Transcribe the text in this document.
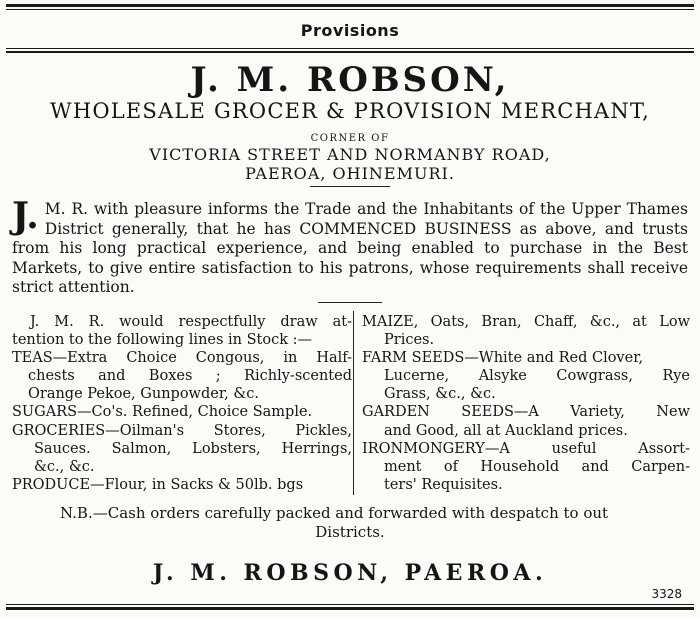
Provisions
J. M. ROBSON,
WHOLESALE GROCER & PROVISION MERCHANT,
CORNER OF
VICTORIA STREET AND NORMANBY ROAD,
PAEROA, OHINEMURI.
J. M. R. with pleasure informs the Trade and the Inhabitants of the Upper Thames District generally, that he has COMMENCED BUSINESS as above, and trusts from his long practical experience, and being enabled to purchase in the Best Markets, to give entire satisfaction to his patrons, whose requirements shall receive strict attention.

J. M. R. would respectfully draw at-

tention to the following lines in Stock :—

TEAS—Extra Choice Congous, in Half-

chests and Boxes ; Richly-scented

Orange Pekoe, Gunpowder, &c.

SUGARS—Co's. Refined, Choice Sample.

GROCERIES—Oilman's Stores, Pickles,

Sauces. Salmon, Lobsters, Herrings,

&c., &c.

PRODUCE—Flour, in Sacks & 50lb. bgs

MAIZE, Oats, Bran, Chaff, &c., at Low

Prices.

FARM SEEDS—White and Red Clover,

Lucerne, Alsyke Cowgrass, Rye

Grass, &c., &c.

GARDEN SEEDS—A Variety, New

and Good, all at Auckland prices.

IRONMONGERY—A useful Assort-

ment of Household and Carpen-

ters' Requisites.

N.B.—Cash orders carefully packed and forwarded with despatch to out
Districts.
J. M. ROBSON, PAEROA.
3328
